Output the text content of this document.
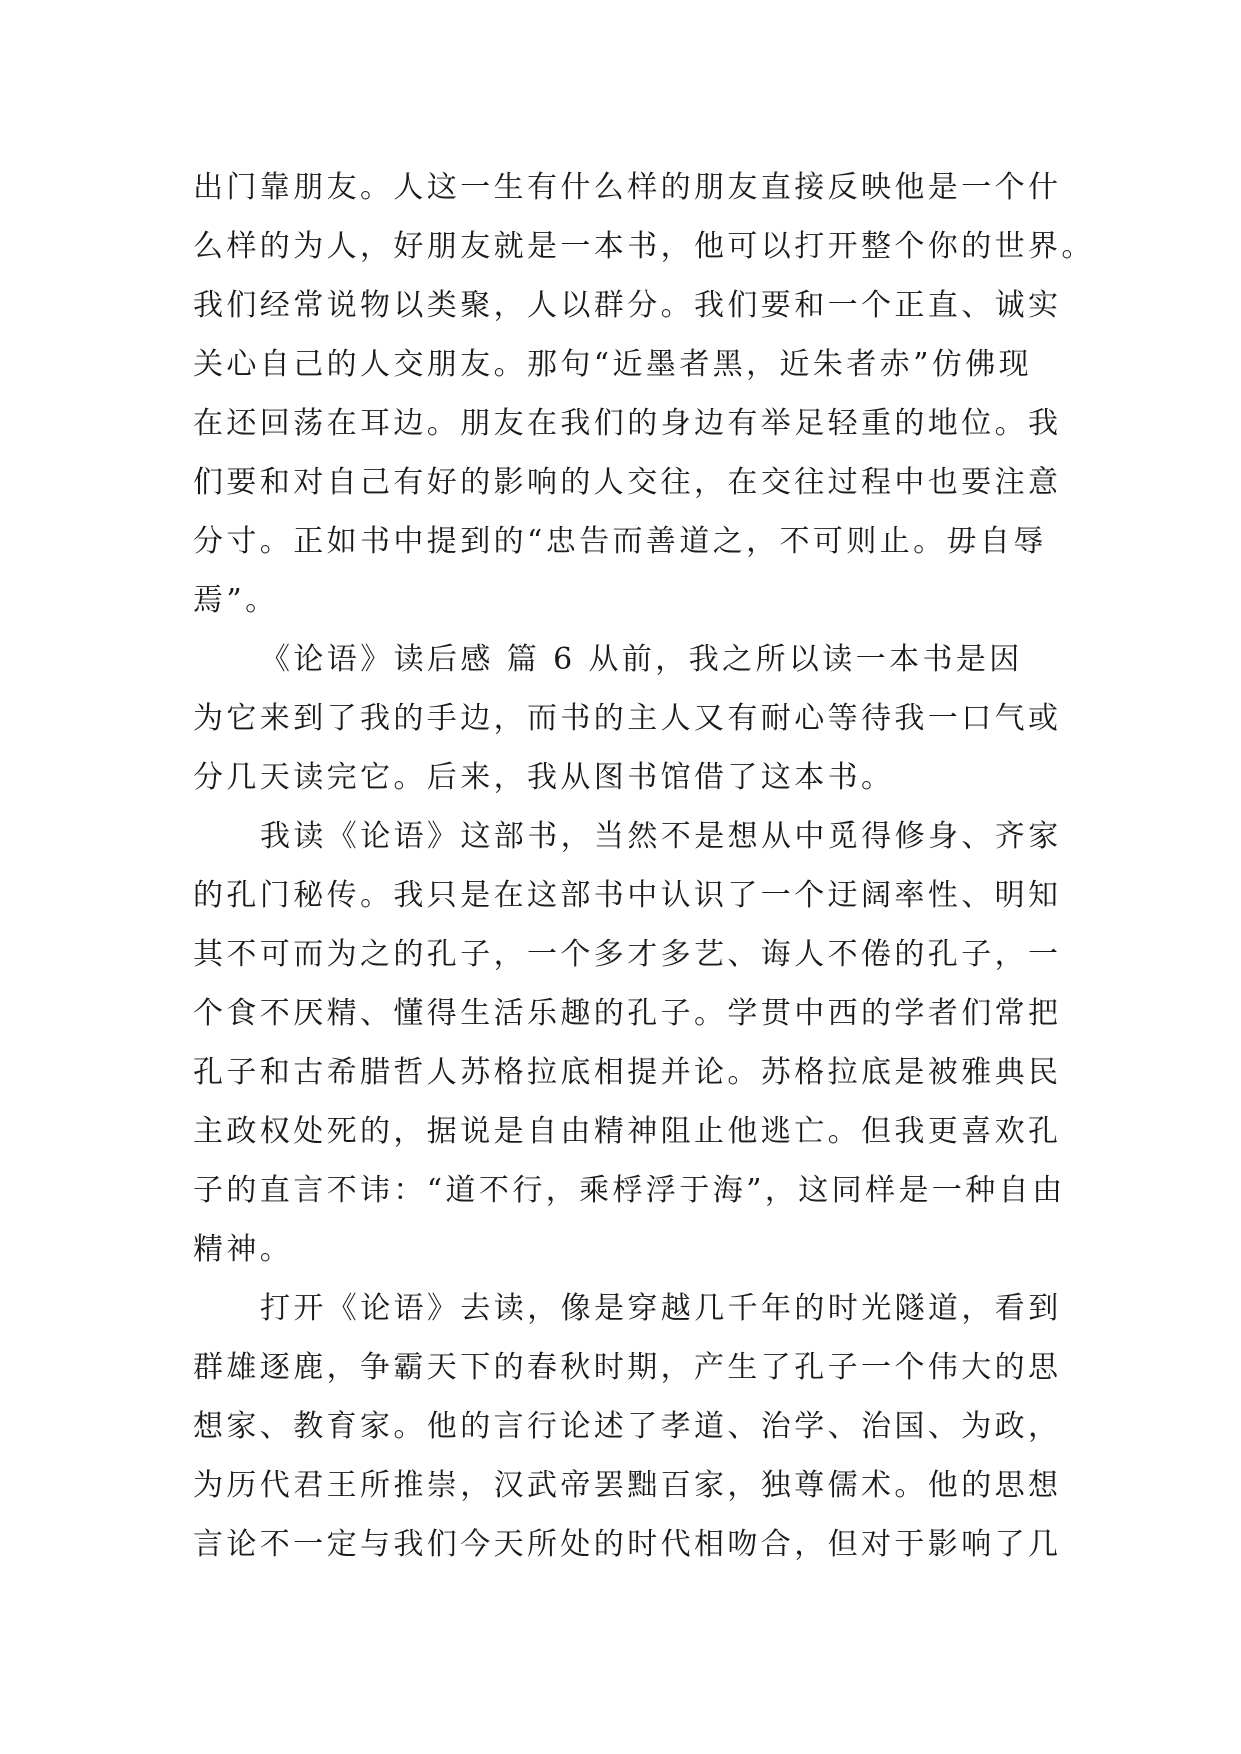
出门靠朋友。人这一生有什么样的朋友直接反映他是一个什
么样的为人，好朋友就是一本书，他可以打开整个你的世界。
我们经常说物以类聚，人以群分。我们要和一个正直、诚实
关心自己的人交朋友。那句“近墨者黑，近朱者赤”仿佛现
在还回荡在耳边。朋友在我们的身边有举足轻重的地位。我
们要和对自己有好的影响的人交往，在交往过程中也要注意
分寸。正如书中提到的“忠告而善道之，不可则止。毋自辱
焉”。
《论语》读后感 篇 6 从前，我之所以读一本书是因
为它来到了我的手边，而书的主人又有耐心等待我一口气或
分几天读完它。后来，我从图书馆借了这本书。
我读《论语》这部书，当然不是想从中觅得修身、齐家
的孔门秘传。我只是在这部书中认识了一个迂阔率性、明知
其不可而为之的孔子，一个多才多艺、诲人不倦的孔子，一
个食不厌精、懂得生活乐趣的孔子。学贯中西的学者们常把
孔子和古希腊哲人苏格拉底相提并论。苏格拉底是被雅典民
主政权处死的，据说是自由精神阻止他逃亡。但我更喜欢孔
子的直言不讳：“道不行，乘桴浮于海”，这同样是一种自由
精神。
打开《论语》去读，像是穿越几千年的时光隧道，看到
群雄逐鹿，争霸天下的春秋时期，产生了孔子一个伟大的思
想家、教育家。他的言行论述了孝道、治学、治国、为政，
为历代君王所推崇，汉武帝罢黜百家，独尊儒术。他的思想
言论不一定与我们今天所处的时代相吻合，但对于影响了几
